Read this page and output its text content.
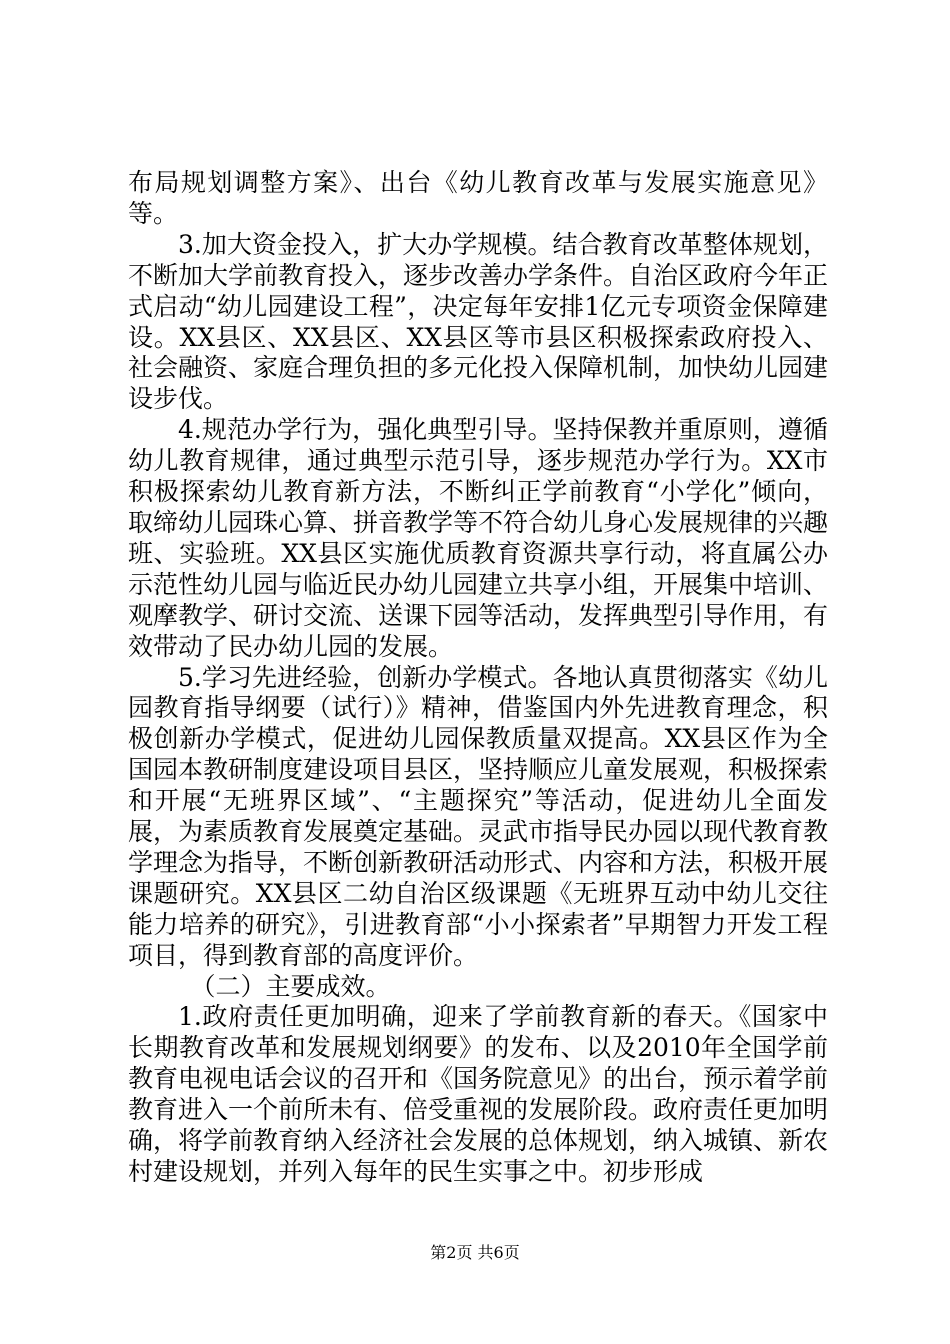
布局规划调整方案》、出台《幼儿教育改革与发展实施意见》等。

3.加大资金投入，扩大办学规模。结合教育改革整体规划，不断加大学前教育投入，逐步改善办学条件。自治区政府今年正式启动“幼儿园建设工程”，决定每年安排1亿元专项资金保障建设。XX县区、XX县区、XX县区等市县区积极探索政府投入、社会融资、家庭合理负担的多元化投入保障机制，加快幼儿园建设步伐。

4.规范办学行为，强化典型引导。坚持保教并重原则，遵循幼儿教育规律，通过典型示范引导，逐步规范办学行为。XX市积极探索幼儿教育新方法，不断纠正学前教育“小学化”倾向，取缔幼儿园珠心算、拼音教学等不符合幼儿身心发展规律的兴趣班、实验班。XX县区实施优质教育资源共享行动，将直属公办示范性幼儿园与临近民办幼儿园建立共享小组，开展集中培训、观摩教学、研讨交流、送课下园等活动，发挥典型引导作用，有效带动了民办幼儿园的发展。

5.学习先进经验，创新办学模式。各地认真贯彻落实《幼儿园教育指导纲要（试行）》精神，借鉴国内外先进教育理念，积极创新办学模式，促进幼儿园保教质量双提高。XX县区作为全国园本教研制度建设项目县区，坚持顺应儿童发展观，积极探索和开展“无班界区域”、“主题探究”等活动，促进幼儿全面发展，为素质教育发展奠定基础。灵武市指导民办园以现代教育教学理念为指导，不断创新教研活动形式、内容和方法，积极开展课题研究。XX县区二幼自治区级课题《无班界互动中幼儿交往能力培养的研究》，引进教育部“小小探索者”早期智力开发工程项目，得到教育部的高度评价。

（二）主要成效。

1.政府责任更加明确，迎来了学前教育新的春天。《国家中长期教育改革和发展规划纲要》的发布、以及2010年全国学前教育电视电话会议的召开和《国务院意见》的出台，预示着学前教育进入一个前所未有、倍受重视的发展阶段。政府责任更加明确，将学前教育纳入经济社会发展的总体规划，纳入城镇、新农村建设规划，并列入每年的民生实事之中。初步形成

第2页 共6页
